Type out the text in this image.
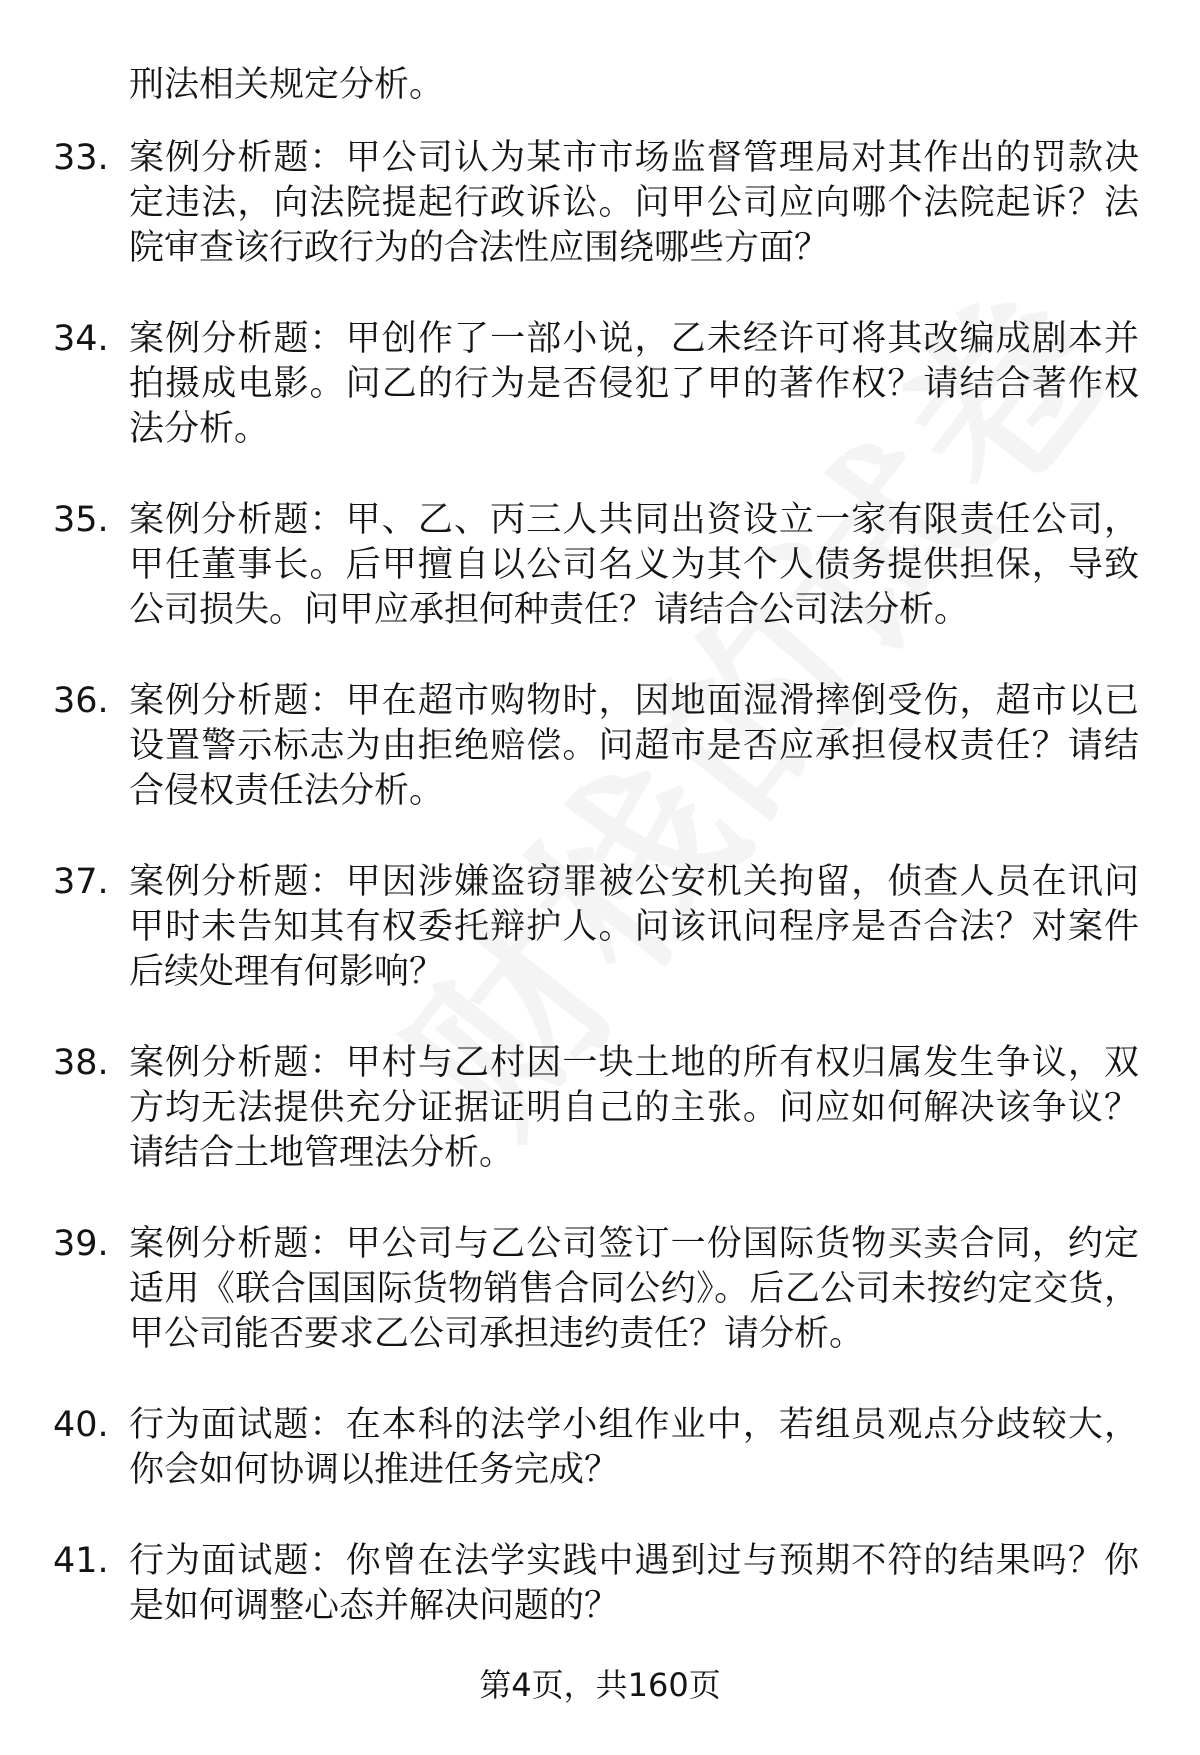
刑法相关规定分析。

33. 案例分析题：甲公司认为某市市场监督管理局对其作出的罚款决定违法，向法院提起行政诉讼。问甲公司应向哪个法院起诉？法院审查该行政行为的合法性应围绕哪些方面？
34. 案例分析题：甲创作了一部小说，乙未经许可将其改编成剧本并拍摄成电影。问乙的行为是否侵犯了甲的著作权？请结合著作权法分析。
35. 案例分析题：甲、乙、丙三人共同出资设立一家有限责任公司，甲任董事长。后甲擅自以公司名义为其个人债务提供担保，导致公司损失。问甲应承担何种责任？请结合公司法分析。
36. 案例分析题：甲在超市购物时，因地面湿滑摔倒受伤，超市以已设置警示标志为由拒绝赔偿。问超市是否应承担侵权责任？请结合侵权责任法分析。
37. 案例分析题：甲因涉嫌盗窃罪被公安机关拘留，侦查人员在讯问甲时未告知其有权委托辩护人。问该讯问程序是否合法？对案件后续处理有何影响？
38. 案例分析题：甲村与乙村因一块土地的所有权归属发生争议，双方均无法提供充分证据证明自己的主张。问应如何解决该争议？请结合土地管理法分析。
39. 案例分析题：甲公司与乙公司签订一份国际货物买卖合同，约定适用《联合国国际货物销售合同公约》。后乙公司未按约定交货，甲公司能否要求乙公司承担违约责任？请分析。
40. 行为面试题：在本科的法学小组作业中，若组员观点分歧较大，你会如何协调以推进任务完成？
41. 行为面试题：你曾在法学实践中遇到过与预期不符的结果吗？你是如何调整心态并解决问题的？
第4页，共160页
